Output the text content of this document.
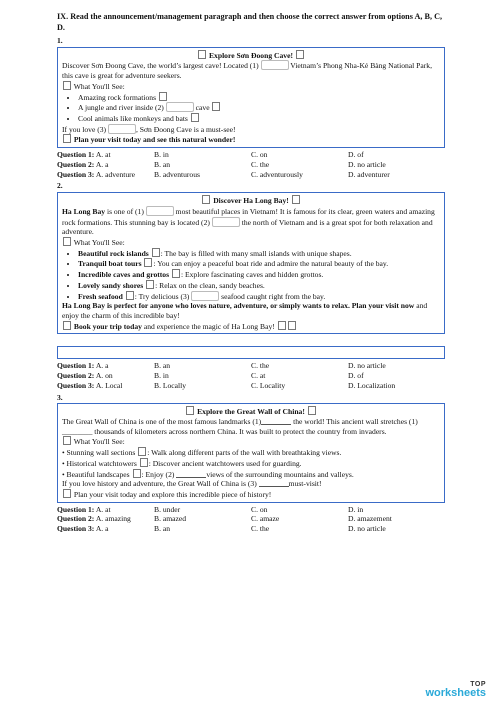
IX. Read the announcement/management paragraph and then choose the correct answer from options A, B, C, D.
1.
Explore Sơn Đoong Cave!
Discover Sơn Đoong Cave, the world’s largest cave! Located (1)	Vietnam’s Phong Nha-Kẻ Bàng National Park, this cave is great for adventure seekers.
What You'll See:
• Amazing rock formations
• A jungle and river inside (2)	cave
• Cool animals like monkeys and bats
If you love (3)	, Sơn Đoong Cave is a must-see!
Plan your visit today and see this natural wonder!
Question 1: A. at	B. in	C. on	D. of
Question 2: A. a	B. an	C. the	D. no article
Question 3: A. adventure	B. adventurous	C. adventurously	D. adventurer
2.
Discover Ha Long Bay!
Ha Long Bay is one of (1)	most beautiful places in Vietnam! It is famous for its clear, green waters and amazing rock formations. This stunning bay is located (2)	the north of Vietnam and is a great spot for both relaxation and adventure.
What You'll See:
• Beautiful rock islands : The bay is filled with many small islands with unique shapes.
• Tranquil boat tours : You can enjoy a peaceful boat ride and admire the natural beauty of the bay.
• Incredible caves and grottos : Explore fascinating caves and hidden grottos.
• Lovely sandy shores : Relax on the clean, sandy beaches.
• Fresh seafood : Try delicious (3)	seafood caught right from the bay.
Ha Long Bay is perfect for anyone who loves nature, adventure, or simply wants to relax. Plan your visit now and enjoy the charm of this incredible bay!
Book your trip today and experience the magic of Ha Long Bay!
Question 1: A. a	B. an	C. the	D. no article
Question 2: A. on	B. in	C. at	D. of
Question 3: A. Local	B. Locally	C. Locality	D. Localization
3.
Explore the Great Wall of China!
The Great Wall of China is one of the most famous landmarks (1)	the world! This ancient wall stretches (1) ________ thousands of kilometers across northern China. It was built to protect the country from invaders.
What You'll See:
• Stunning wall sections : Walk along different parts of the wall with breathtaking views.
• Historical watchtowers : Discover ancient watchtowers used for guarding.
• Beautiful landscapes : Enjoy (2)	views of the surrounding mountains and valleys.
If you love history and adventure, the Great Wall of China is (3)	must-visit!
Plan your visit today and explore this incredible piece of history!
Question 1: A. at	B. under	C. on	D. in
Question 2: A. amazing	B. amazed	C. amaze	D. amazement
Question 3: A. a	B. an	C. the	D. no article
TOP
worksheets
